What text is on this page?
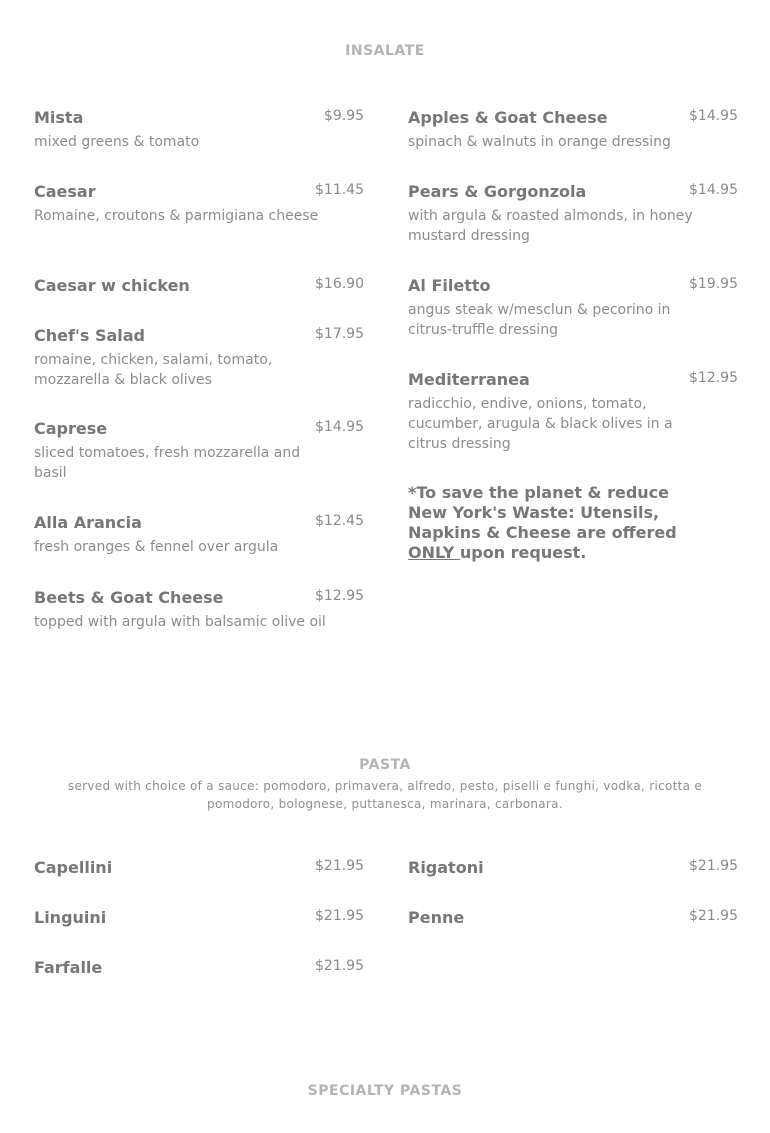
INSALATE
Mista	$9.95
mixed greens & tomato
Caesar	$11.45
Romaine, croutons & parmigiana cheese
Caesar w chicken	$16.90
Chef's Salad	$17.95
romaine, chicken, salami, tomato, mozzarella & black olives
Caprese	$14.95
sliced tomatoes, fresh mozzarella and basil
Alla Arancia	$12.45
fresh oranges & fennel over argula
Beets & Goat Cheese	$12.95
topped with argula with balsamic olive oil
Apples & Goat Cheese	$14.95
spinach & walnuts in orange dressing
Pears & Gorgonzola	$14.95
with argula & roasted almonds, in honey mustard dressing
Al Filetto	$19.95
angus steak w/mesclun & pecorino in citrus-truffle dressing
Mediterranea	$12.95
radicchio, endive, onions, tomato, cucumber, arugula & black olives in a citrus dressing
*To save the planet & reduce New York's Waste: Utensils, Napkins & Cheese are offered ONLY upon request.
PASTA
served with choice of a sauce: pomodoro, primavera, alfredo, pesto, piselli e funghi, vodka, ricotta e pomodoro, bolognese, puttanesca, marinara, carbonara.
Capellini	$21.95
Linguini	$21.95
Farfalle	$21.95
Rigatoni	$21.95
Penne	$21.95
SPECIALTY PASTAS
